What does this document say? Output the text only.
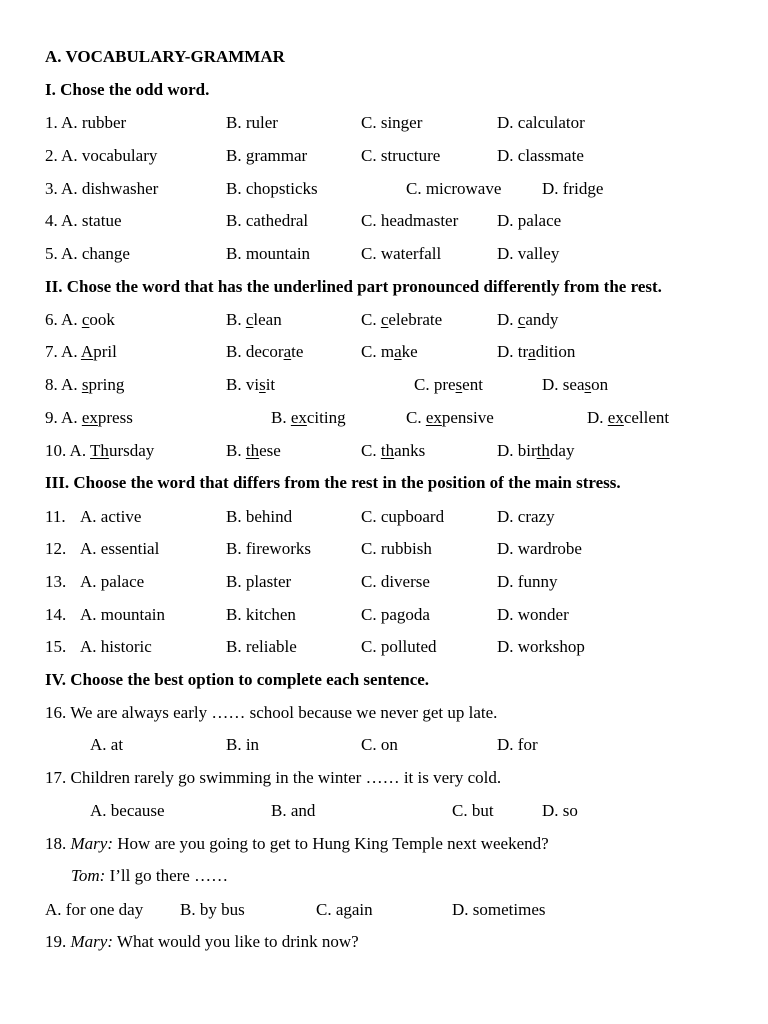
A. VOCABULARY-GRAMMAR
I. Chose the odd word.
1. A. rubber	B. ruler	C. singer	D. calculator
2. A. vocabulary	B. grammar	C. structure	D. classmate
3. A. dishwasher	B. chopsticks	C. microwave D. fridge
4. A. statue	B. cathedral	C. headmaster D. palace
5. A. change	B. mountain	C. waterfall	D. valley
II. Chose the word that has the underlined part pronounced differently from the rest.
6. A. cook	B. clean	C. celebrate	D. candy
7. A. April	B. decorate	C. make	D. tradition
8. A. spring	B. visit	C. present	D. season
9. A. express	B. exciting	C. expensive	D. excellent
10. A. Thursday	B. these	C. thanks	D. birthday
III. Choose the word that differs from the rest in the position of the main stress.
11. A. active	B. behind	C. cupboard	D. crazy
12. A. essential	B. fireworks	C. rubbish	D. wardrobe
13. A. palace	B. plaster	C. diverse	D. funny
14. A. mountain	B. kitchen	C. pagoda	D. wonder
15. A. historic	B. reliable	C. polluted	D. workshop
IV. Choose the best option to complete each sentence.
16. We are always early …… school because we never get up late.
A. at	B. in	C. on	D. for
17. Children rarely go swimming in the winter …… it is very cold.
A. because	B. and	C. but	D. so
18. Mary: How are you going to get to Hung King Temple next weekend?
Tom: I’ll go there ……
A. for one day B. by bus	C. again	D. sometimes
19. Mary: What would you like to drink now?
